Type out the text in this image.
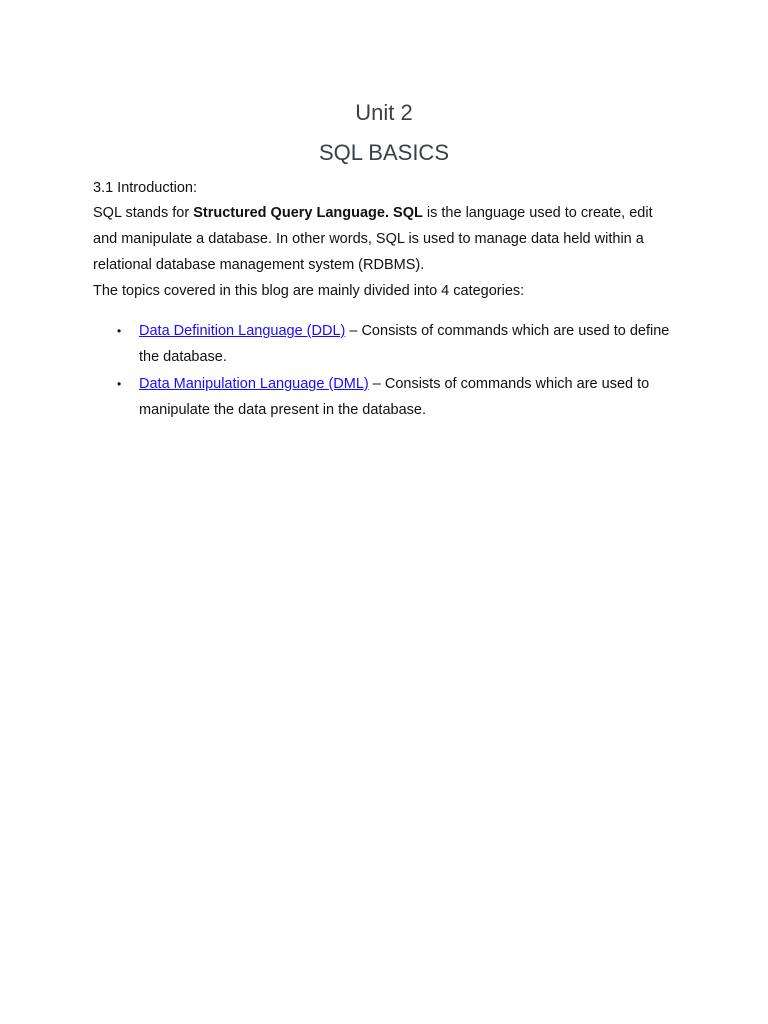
Unit 2
SQL BASICS

3.1 Introduction:

SQL stands for Structured Query Language. SQL is the language used to create, edit and manipulate a database. In other words, SQL is used to manage data held within a relational database management system (RDBMS).

The topics covered in this blog are mainly divided into 4 categories:

• Data Definition Language (DDL) – Consists of commands which are used to define the database.
• Data Manipulation Language (DML) – Consists of commands which are used to manipulate the data present in the database.
